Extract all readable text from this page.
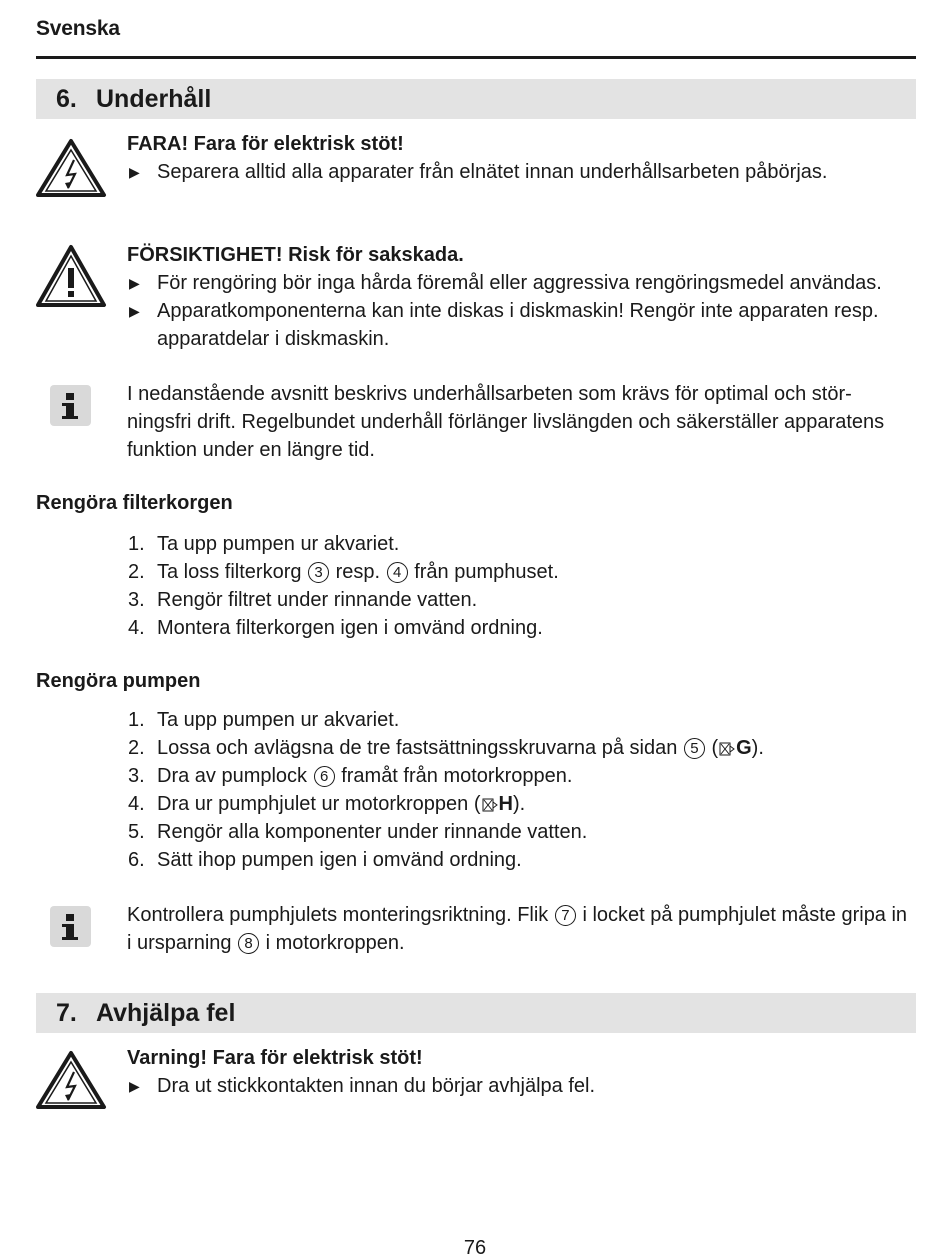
Svenska
6. Underhåll
FARA! Fara för elektrisk stöt!
▶ Separera alltid alla apparater från elnätet innan underhållsarbeten påbörjas.
FÖRSIKTIGHET! Risk för sakskada.
▶ För rengöring bör inga hårda föremål eller aggressiva rengöringsmedel användas.
▶ Apparatkomponenterna kan inte diskas i diskmaskin! Rengör inte apparaten resp. apparatdelar i diskmaskin.
I nedanstående avsnitt beskrivs underhållsarbeten som krävs för optimal och stör-
ningsfri drift. Regelbundet underhåll förlänger livslängden och säkerställer apparatens
funktion under en längre tid.
Rengöra filterkorgen
1. Ta upp pumpen ur akvariet.
2. Ta loss filterkorg 3 resp. 4 från pumphuset.
3. Rengör filtret under rinnande vatten.
4. Montera filterkorgen igen i omvänd ordning.
Rengöra pumpen
1. Ta upp pumpen ur akvariet.
2. Lossa och avlägsna de tre fastsättningsskruvarna på sidan 5 ( G).
3. Dra av pumplock 6 framåt från motorkroppen.
4. Dra ur pumphjulet ur motorkroppen ( H).
5. Rengör alla komponenter under rinnande vatten.
6. Sätt ihop pumpen igen i omvänd ordning.
Kontrollera pumphjulets monteringsriktning. Flik 7 i locket på pumphjulet måste gripa in
i ursparning 8 i motorkroppen.
7. Avhjälpa fel
Varning! Fara för elektrisk stöt!
▶ Dra ut stickkontakten innan du börjar avhjälpa fel.
76
